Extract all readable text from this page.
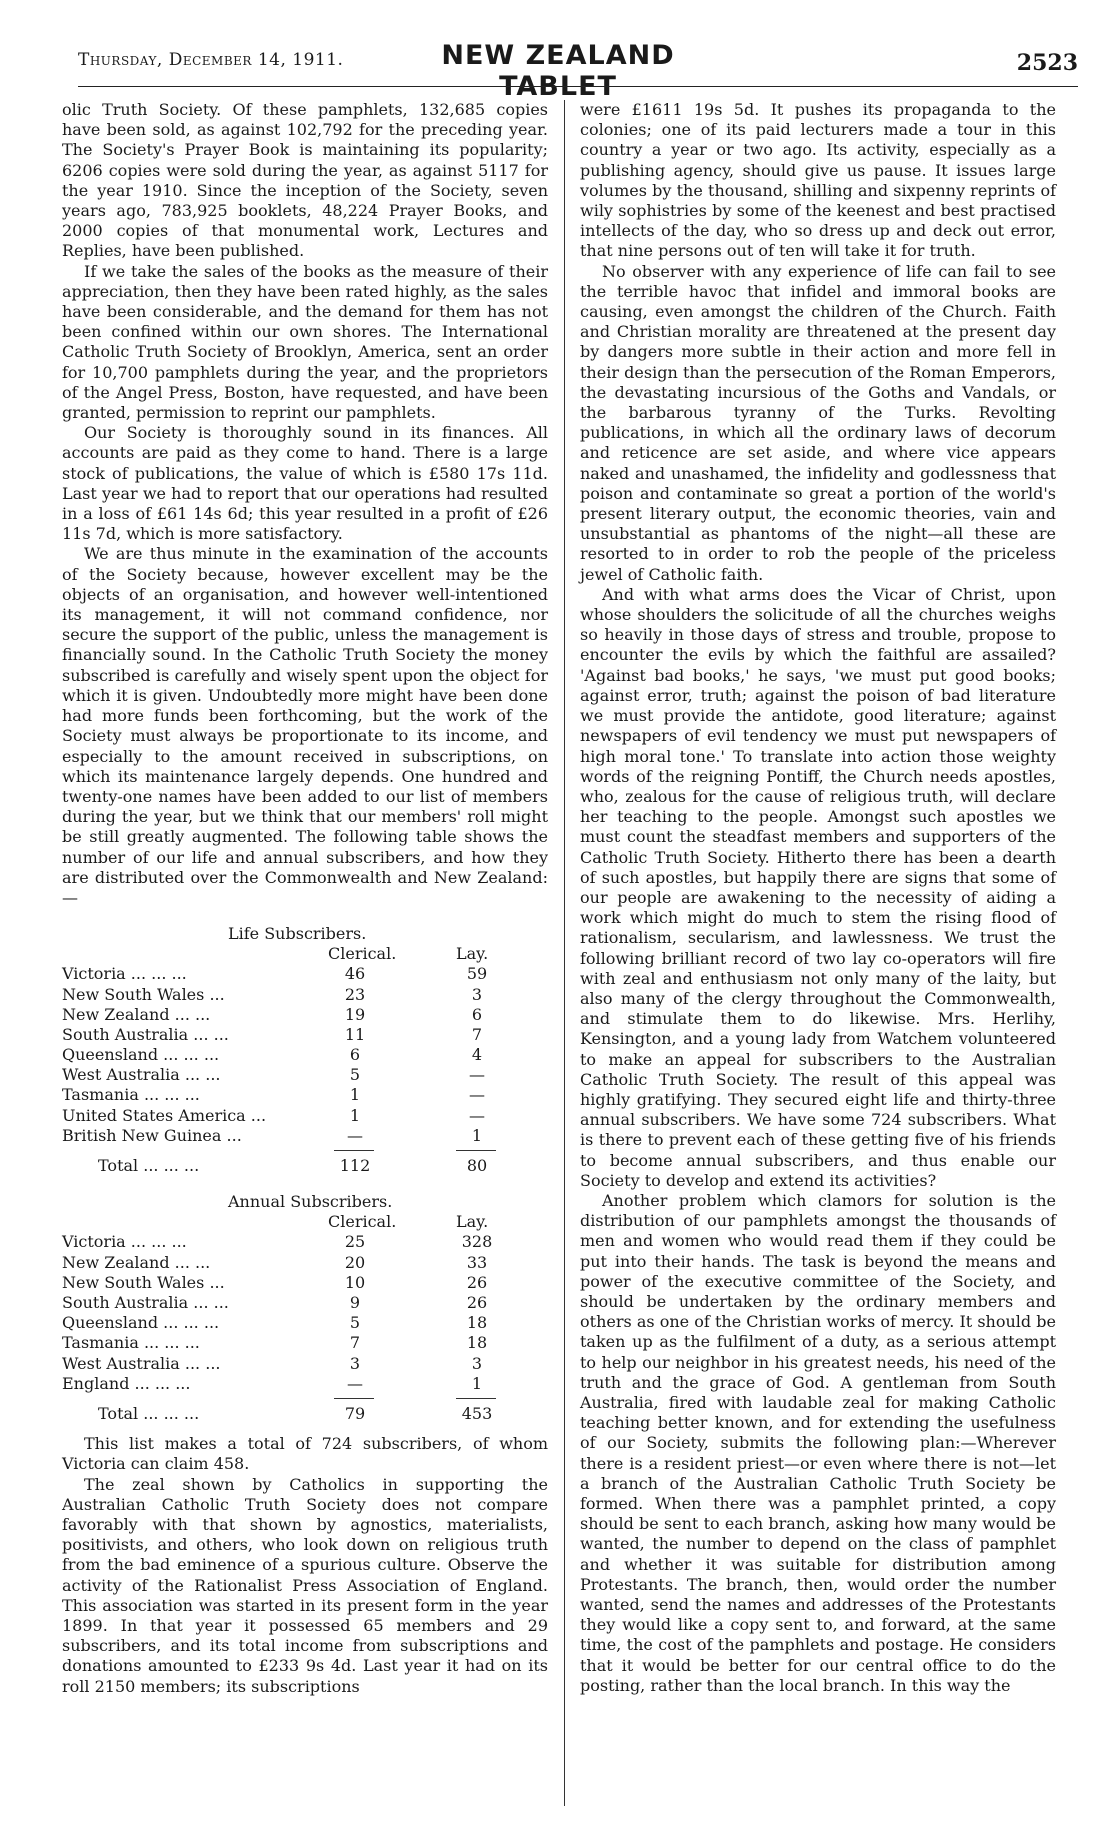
Thursday, December 14, 1911.	NEW ZEALAND TABLET
2523

olic Truth Society. Of these pamphlets, 132,685 copies have been sold, as against 102,792 for the preceding year. The Society's Prayer Book is maintaining its popularity; 6206 copies were sold during the year, as against 5117 for the year 1910. Since the inception of the Society, seven years ago, 783,925 booklets, 48,224 Prayer Books, and 2000 copies of that monumental work, Lectures and Replies, have been published.

If we take the sales of the books as the measure of their appreciation, then they have been rated highly, as the sales have been considerable, and the demand for them has not been confined within our own shores. The International Catholic Truth Society of Brooklyn, America, sent an order for 10,700 pamphlets during the year, and the proprietors of the Angel Press, Boston, have requested, and have been granted, permission to reprint our pamphlets.

Our Society is thoroughly sound in its finances. All accounts are paid as they come to hand. There is a large stock of publications, the value of which is £580 17s 11d. Last year we had to report that our operations had resulted in a loss of £61 14s 6d; this year resulted in a profit of £26 11s 7d, which is more satisfactory.

We are thus minute in the examination of the accounts of the Society because, however excellent may be the objects of an organisation, and however well-intentioned its management, it will not command confidence, nor secure the support of the public, unless the management is financially sound. In the Catholic Truth Society the money subscribed is carefully and wisely spent upon the object for which it is given. Undoubtedly more might have been done had more funds been forthcoming, but the work of the Society must always be proportionate to its income, and especially to the amount received in subscriptions, on which its maintenance largely depends. One hundred and twenty-one names have been added to our list of members during the year, but we think that our members' roll might be still greatly augmented. The following table shows the number of our life and annual subscribers, and how they are distributed over the Commonwealth and New Zealand:—

Life Subscribers.
Clerical.	Lay.
Victoria ... ... ...	46	59
New South Wales ...	23	3
New Zealand ... ...	19	6
South Australia ... ...	11	7
Queensland ... ... ...	6	4
West Australia ... ...	5	—
Tasmania ... ... ...	1	—
United States America ...	1	—
British New Guinea ...	—	1
Total ... ... ...	112	80
Annual Subscribers.
Clerical.	Lay.
Victoria ... ... ...	25	328
New Zealand ... ...	20	33
New South Wales ...	10	26
South Australia ... ...	9	26
Queensland ... ... ...	5	18
Tasmania ... ... ...	7	18
West Australia ... ...	3	3
England ... ... ...	—	1
Total ... ... ...	79	453

This list makes a total of 724 subscribers, of whom Victoria can claim 458.

The zeal shown by Catholics in supporting the Australian Catholic Truth Society does not compare favorably with that shown by agnostics, materialists, positivists, and others, who look down on religious truth from the bad eminence of a spurious culture. Observe the activity of the Rationalist Press Association of England. This association was started in its present form in the year 1899. In that year it possessed 65 members and 29 subscribers, and its total income from subscriptions and donations amounted to £233 9s 4d. Last year it had on its roll 2150 members; its subscriptions

were £1611 19s 5d. It pushes its propaganda to the colonies; one of its paid lecturers made a tour in this country a year or two ago. Its activity, especially as a publishing agency, should give us pause. It issues large volumes by the thousand, shilling and sixpenny reprints of wily sophistries by some of the keenest and best practised intellects of the day, who so dress up and deck out error, that nine persons out of ten will take it for truth.

No observer with any experience of life can fail to see the terrible havoc that infidel and immoral books are causing, even amongst the children of the Church. Faith and Christian morality are threatened at the present day by dangers more subtle in their action and more fell in their design than the persecution of the Roman Emperors, the devastating incursious of the Goths and Vandals, or the barbarous tyranny of the Turks. Revolting publications, in which all the ordinary laws of decorum and reticence are set aside, and where vice appears naked and unashamed, the infidelity and godlessness that poison and contaminate so great a portion of the world's present literary output, the economic theories, vain and unsubstantial as phantoms of the night—all these are resorted to in order to rob the people of the priceless jewel of Catholic faith.

And with what arms does the Vicar of Christ, upon whose shoulders the solicitude of all the churches weighs so heavily in those days of stress and trouble, propose to encounter the evils by which the faithful are assailed? 'Against bad books,' he says, 'we must put good books; against error, truth; against the poison of bad literature we must provide the antidote, good literature; against newspapers of evil tendency we must put newspapers of high moral tone.' To translate into action those weighty words of the reigning Pontiff, the Church needs apostles, who, zealous for the cause of religious truth, will declare her teaching to the people. Amongst such apostles we must count the steadfast members and supporters of the Catholic Truth Society. Hitherto there has been a dearth of such apostles, but happily there are signs that some of our people are awakening to the necessity of aiding a work which might do much to stem the rising flood of rationalism, secularism, and lawlessness. We trust the following brilliant record of two lay co-operators will fire with zeal and enthusiasm not only many of the laity, but also many of the clergy throughout the Commonwealth, and stimulate them to do likewise. Mrs. Herlihy, Kensington, and a young lady from Watchem volunteered to make an appeal for subscribers to the Australian Catholic Truth Society. The result of this appeal was highly gratifying. They secured eight life and thirty-three annual subscribers. We have some 724 subscribers. What is there to prevent each of these getting five of his friends to become annual subscribers, and thus enable our Society to develop and extend its activities?

Another problem which clamors for solution is the distribution of our pamphlets amongst the thousands of men and women who would read them if they could be put into their hands. The task is beyond the means and power of the executive committee of the Society, and should be undertaken by the ordinary members and others as one of the Christian works of mercy. It should be taken up as the fulfilment of a duty, as a serious attempt to help our neighbor in his greatest needs, his need of the truth and the grace of God. A gentleman from South Australia, fired with laudable zeal for making Catholic teaching better known, and for extending the usefulness of our Society, submits the following plan:—Wherever there is a resident priest—or even where there is not—let a branch of the Australian Catholic Truth Society be formed. When there was a pamphlet printed, a copy should be sent to each branch, asking how many would be wanted, the number to depend on the class of pamphlet and whether it was suitable for distribution among Protestants. The branch, then, would order the number wanted, send the names and addresses of the Protestants they would like a copy sent to, and forward, at the same time, the cost of the pamphlets and postage. He considers that it would be better for our central office to do the posting, rather than the local branch. In this way the
